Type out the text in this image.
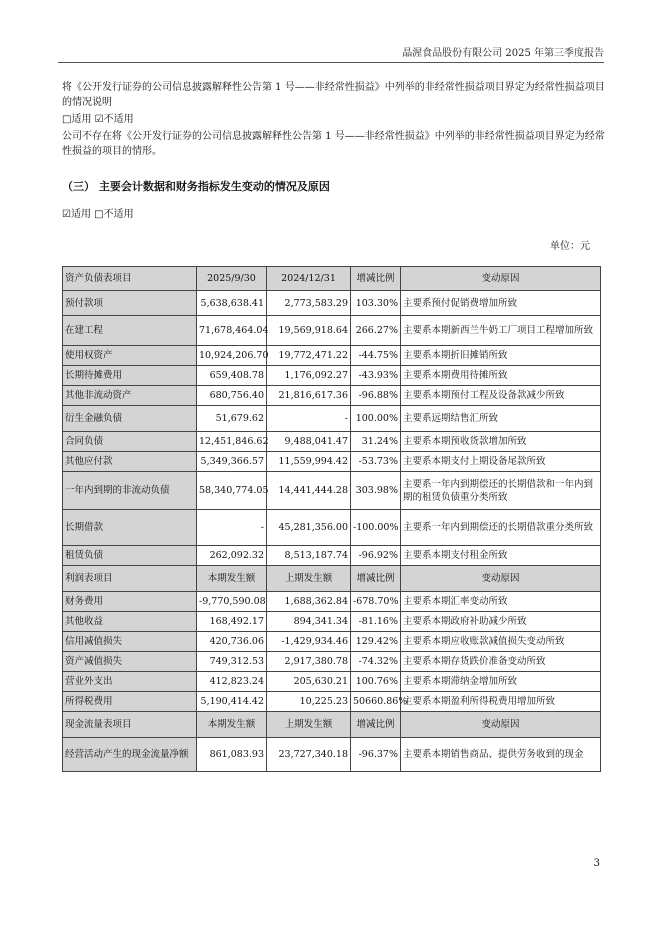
晶渥食品股份有限公司 2025 年第三季度报告
将《公开发行证券的公司信息披露解释性公告第 1 号——非经常性损益》中列举的非经常性损益项目界定为经常性损益项目的情况说明
□适用 ☑不适用
公司不存在将《公开发行证券的公司信息披露解释性公告第 1 号——非经常性损益》中列举的非经常性损益项目界定为经常性损益的项目的情形。
（三） 主要会计数据和财务指标发生变动的情况及原因
☑适用 □不适用
单位：元
资产负债表项目	2025/9/30	2024/12/31	增减比例	变动原因
预付款项	5,638,638.41	2,773,583.29	103.30%	主要系预付促销费增加所致
在建工程	71,678,464.04	19,569,918.64	266.27%	主要系本期新西兰牛奶工厂项目工程增加所致
使用权资产	10,924,206.70	19,772,471.22	-44.75%	主要系本期折旧摊销所致
长期待摊费用	659,408.78	1,176,092.27	-43.93%	主要系本期费用待摊所致
其他非流动资产	680,756.40	21,816,617.36	-96.88%	主要系本期预付工程及设备款减少所致
衍生金融负债	51,679.62	-	100.00%	主要系远期结售汇所致
合同负债	12,451,846.62	9,488,041.47	31.24%	主要系本期预收货款增加所致
其他应付款	5,349,366.57	11,559,994.42	-53.73%	主要系本期支付上期设备尾款所致
一年内到期的非流动负债	58,340,774.05	14,441,444.28	303.98%	主要系一年内到期偿还的长期借款和一年内到期的租赁负债重分类所致
长期借款	-	45,281,356.00	-100.00%	主要系一年内到期偿还的长期借款重分类所致
租赁负债	262,092.32	8,513,187.74	-96.92%	主要系本期支付租金所致
利润表项目	本期发生额	上期发生额	增减比例	变动原因
财务费用	-9,770,590.08	1,688,362.84	-678.70%	主要系本期汇率变动所致
其他收益	168,492.17	894,341.34	-81.16%	主要系本期政府补助减少所致
信用减值损失	420,736.06	-1,429,934.46	129.42%	主要系本期应收账款减值损失变动所致
资产减值损失	749,312.53	2,917,380.78	-74.32%	主要系本期存货跌价准备变动所致
营业外支出	412,823.24	205,630.21	100.76%	主要系本期滞纳金增加所致
所得税费用	5,190,414.42	10,225.23	50660.86%	主要系本期盈利所得税费用增加所致
现金流量表项目	本期发生额	上期发生额	增减比例	变动原因
经营活动产生的现金流量净额	861,083.93	23,727,340.18	-96.37%	主要系本期销售商品、提供劳务收到的现金
3
